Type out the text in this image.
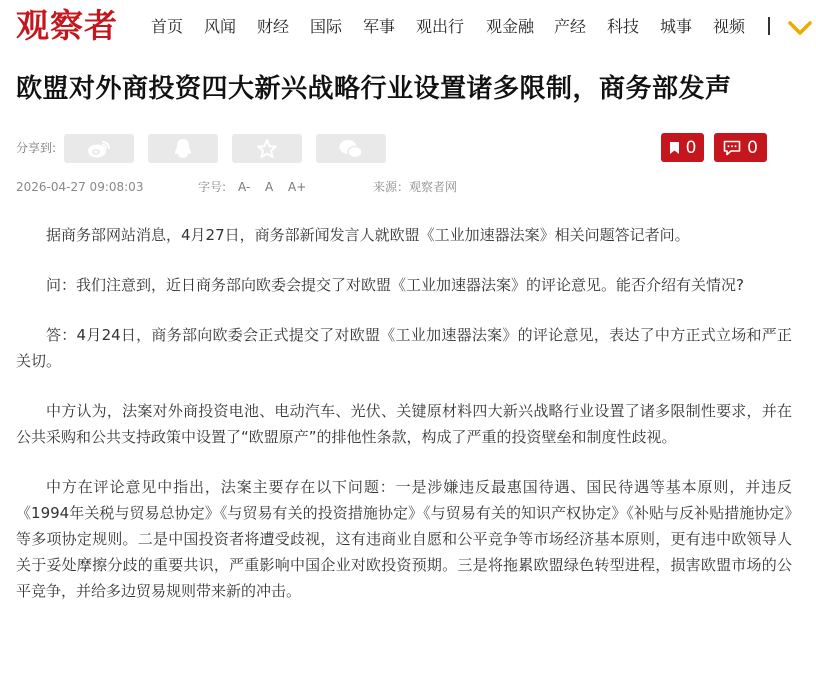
观察者 首页 风闻 财经 国际 军事 观出行 观金融 产经 科技 城事 视频
欧盟对外商投资四大新兴战略行业设置诸多限制，商务部发声
分享到:	0	0
2026-04-27 09:08:03	字号: A- A A+	来源：观察者网

据商务部网站消息，4月27日，商务部新闻发言人就欧盟《工业加速器法案》相关问题答记者问。

问：我们注意到，近日商务部向欧委会提交了对欧盟《工业加速器法案》的评论意见。能否介绍有关情况?

答：4月24日，商务部向欧委会正式提交了对欧盟《工业加速器法案》的评论意见，表达了中方正式立场和严正关切。

中方认为，法案对外商投资电池、电动汽车、光伏、关键原材料四大新兴战略行业设置了诸多限制性要求，并在公共采购和公共支持政策中设置了“欧盟原产”的排他性条款，构成了严重的投资壁垒和制度性歧视。

中方在评论意见中指出，法案主要存在以下问题：一是涉嫌违反最惠国待遇、国民待遇等基本原则，并违反《1994年关税与贸易总协定》《与贸易有关的投资措施协定》《与贸易有关的知识产权协定》《补贴与反补贴措施协定》等多项协定规则。二是中国投资者将遭受歧视，这有违商业自愿和公平竞争等市场经济基本原则，更有违中欧领导人关于妥处摩擦分歧的重要共识，严重影响中国企业对欧投资预期。三是将拖累欧盟绿色转型进程，损害欧盟市场的公平竞争，并给多边贸易规则带来新的冲击。
